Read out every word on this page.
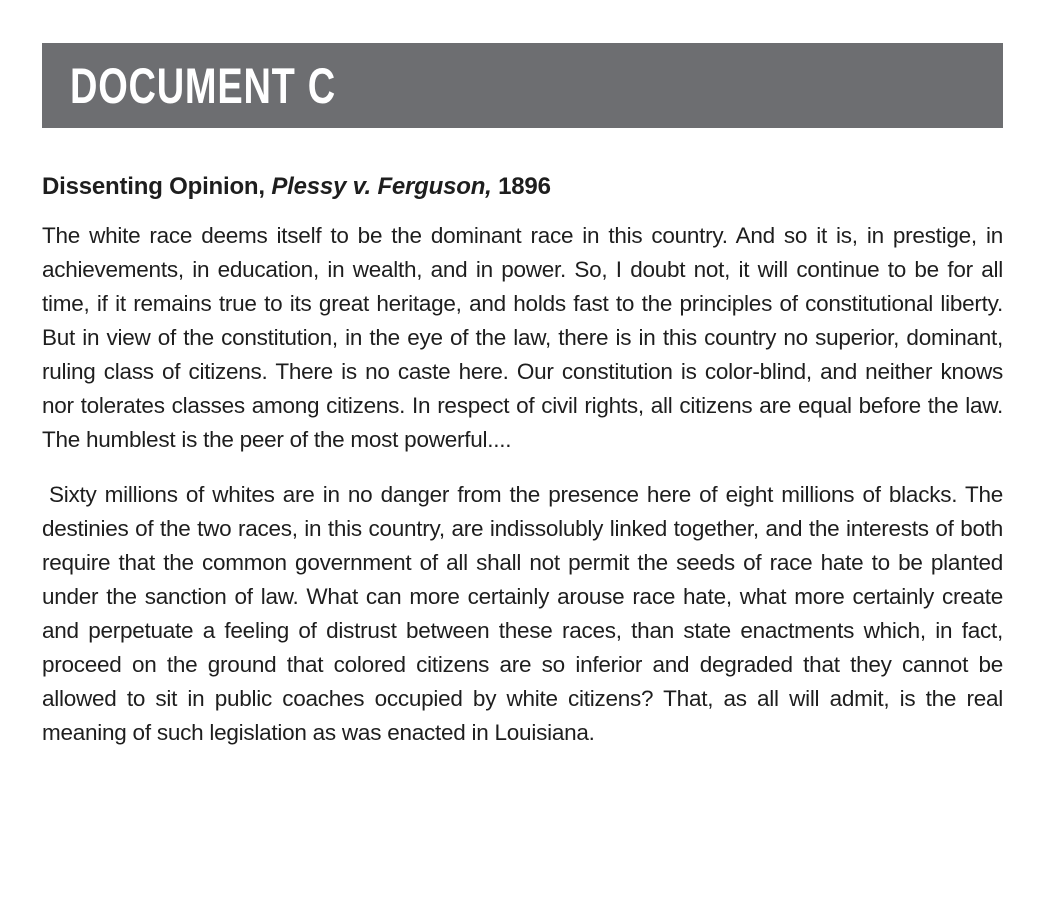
DOCUMENT C
Dissenting Opinion, Plessy v. Ferguson, 1896

The white race deems itself to be the dominant race in this country. And so it is, in prestige, in achievements, in education, in wealth, and in power. So, I doubt not, it will continue to be for all time, if it remains true to its great heritage, and holds fast to the principles of constitutional liberty. But in view of the constitution, in the eye of the law, there is in this country no superior, dominant, ruling class of citizens. There is no caste here. Our constitution is color-blind, and neither knows nor tolerates classes among citizens. In respect of civil rights, all citizens are equal before the law. The humblest is the peer of the most powerful....

Sixty millions of whites are in no danger from the presence here of eight millions of blacks. The destinies of the two races, in this country, are indissolubly linked together, and the interests of both require that the common government of all shall not permit the seeds of race hate to be planted under the sanction of law. What can more certainly arouse race hate, what more certainly create and perpetuate a feeling of distrust between these races, than state enactments which, in fact, proceed on the ground that colored citizens are so inferior and degraded that they cannot be allowed to sit in public coaches occupied by white citizens? That, as all will admit, is the real meaning of such legislation as was enacted in Louisiana.
